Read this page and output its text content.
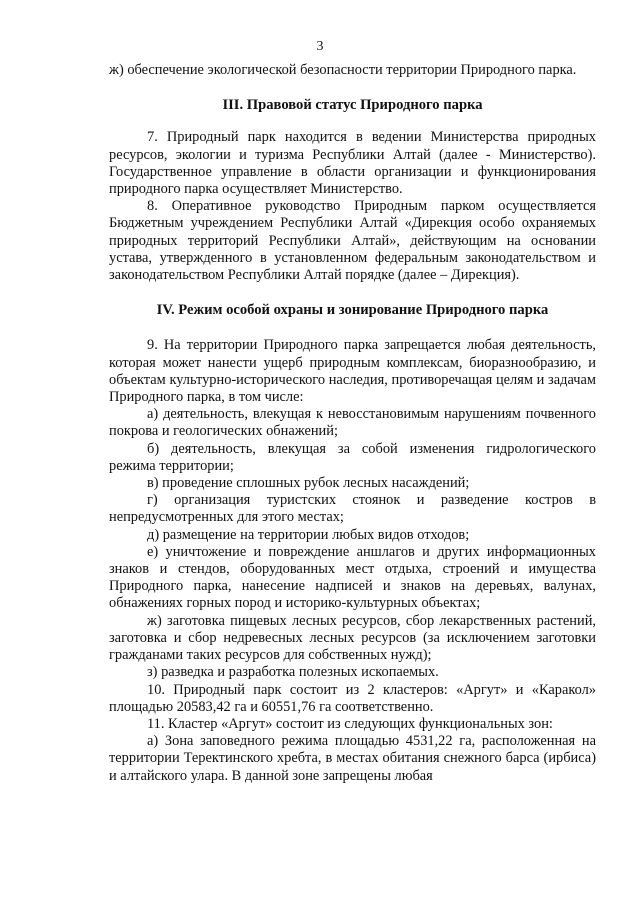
3

ж) обеспечение экологической безопасности территории Природного парка.

III. Правовой статус Природного парка

7. Природный парк находится в ведении Министерства природных ресурсов, экологии и туризма Республики Алтай (далее - Министерство). Государственное управление в области организации и функционирования природного парка осуществляет Министерство.

8. Оперативное руководство Природным парком осуществляется Бюджетным учреждением Республики Алтай «Дирекция особо охраняемых природных территорий Республики Алтай», действующим на основании устава, утвержденного в установленном федеральным законодательством и законодательством Республики Алтай порядке (далее – Дирекция).

IV. Режим особой охраны и зонирование Природного парка

9. На территории Природного парка запрещается любая деятельность, которая может нанести ущерб природным комплексам, биоразнообразию, и объектам культурно-исторического наследия, противоречащая целям и задачам Природного парка, в том числе:

а) деятельность, влекущая к невосстановимым нарушениям почвенного покрова и геологических обнажений;

б) деятельность, влекущая за собой изменения гидрологического режима территории;

в) проведение сплошных рубок лесных насаждений;

г) организация туристских стоянок и разведение костров в непредусмотренных для этого местах;

д) размещение на территории любых видов отходов;

е) уничтожение и повреждение аншлагов и других информационных знаков и стендов, оборудованных мест отдыха, строений и имущества Природного парка, нанесение надписей и знаков на деревьях, валунах, обнажениях горных пород и историко-культурных объектах;

ж) заготовка пищевых лесных ресурсов, сбор лекарственных растений, заготовка и сбор недревесных лесных ресурсов (за исключением заготовки гражданами таких ресурсов для собственных нужд);

з) разведка и разработка полезных ископаемых.

10. Природный парк состоит из 2 кластеров: «Аргут» и «Каракол» площадью 20583,42 га и 60551,76 га соответственно.

11. Кластер «Аргут» состоит из следующих функциональных зон:

а) Зона заповедного режима площадью 4531,22 га, расположенная на территории Теректинского хребта, в местах обитания снежного барса (ирбиса) и алтайского улара. В данной зоне запрещены любая
